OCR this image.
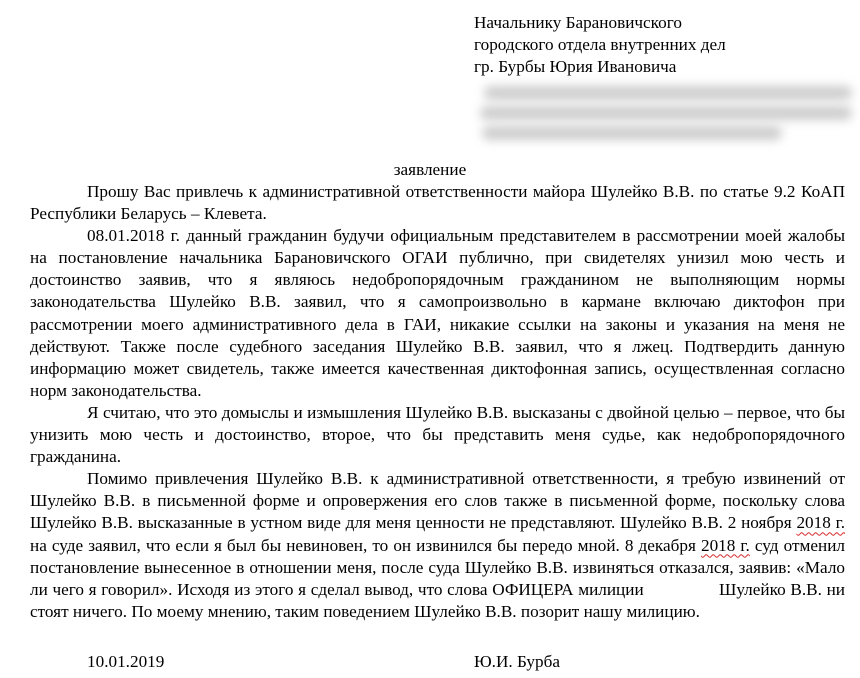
Начальнику Барановичского
городского отдела внутренних дел
гр. Бурбы Юрия Ивановича
заявление

Прошу Вас привлечь к административной ответственности майора Шулейко В.В. по статье 9.2 КоАП Республики Беларусь – Клевета.

08.01.2018 г. данный гражданин будучи официальным представителем в рассмотрении моей жалобы на постановление начальника Барановичского ОГАИ публично, при свидетелях унизил мою честь и достоинство заявив, что я являюсь недобропорядочным гражданином не выполняющим нормы законодательства Шулейко В.В. заявил, что я самопроизвольно в кармане включаю диктофон при рассмотрении моего административного дела в ГАИ, никакие ссылки на законы и указания на меня не действуют. Также после судебного заседания Шулейко В.В. заявил, что я лжец. Подтвердить данную информацию может свидетель, также имеется качественная диктофонная запись, осуществленная согласно норм законодательства.

Я считаю, что это домыслы и измышления Шулейко В.В. высказаны с двойной целью – первое, что бы унизить мою честь и достоинство, второе, что бы представить меня судье, как недобропорядочного гражданина.

Помимо привлечения Шулейко В.В. к административной ответственности, я требую извинений от Шулейко В.В. в письменной форме и опровержения его слов также в письменной форме, поскольку слова Шулейко В.В. высказанные в устном виде для меня ценности не представляют. Шулейко В.В. 2 ноября 2018 г. на суде заявил, что если я был бы невиновен, то он извинился бы передо мной. 8 декабря 2018 г. суд отменил постановление вынесенное в отношении меня, после суда Шулейко В.В. извиняться отказался, заявив: «Мало ли чего я говорил». Исходя из этого я сделал вывод, что слова ОФИЦЕРА милиции                Шулейко В.В. ни стоят ничего. По моему мнению, таким поведением Шулейко В.В. позорит нашу милицию.

10.01.2019	Ю.И. Бурба
